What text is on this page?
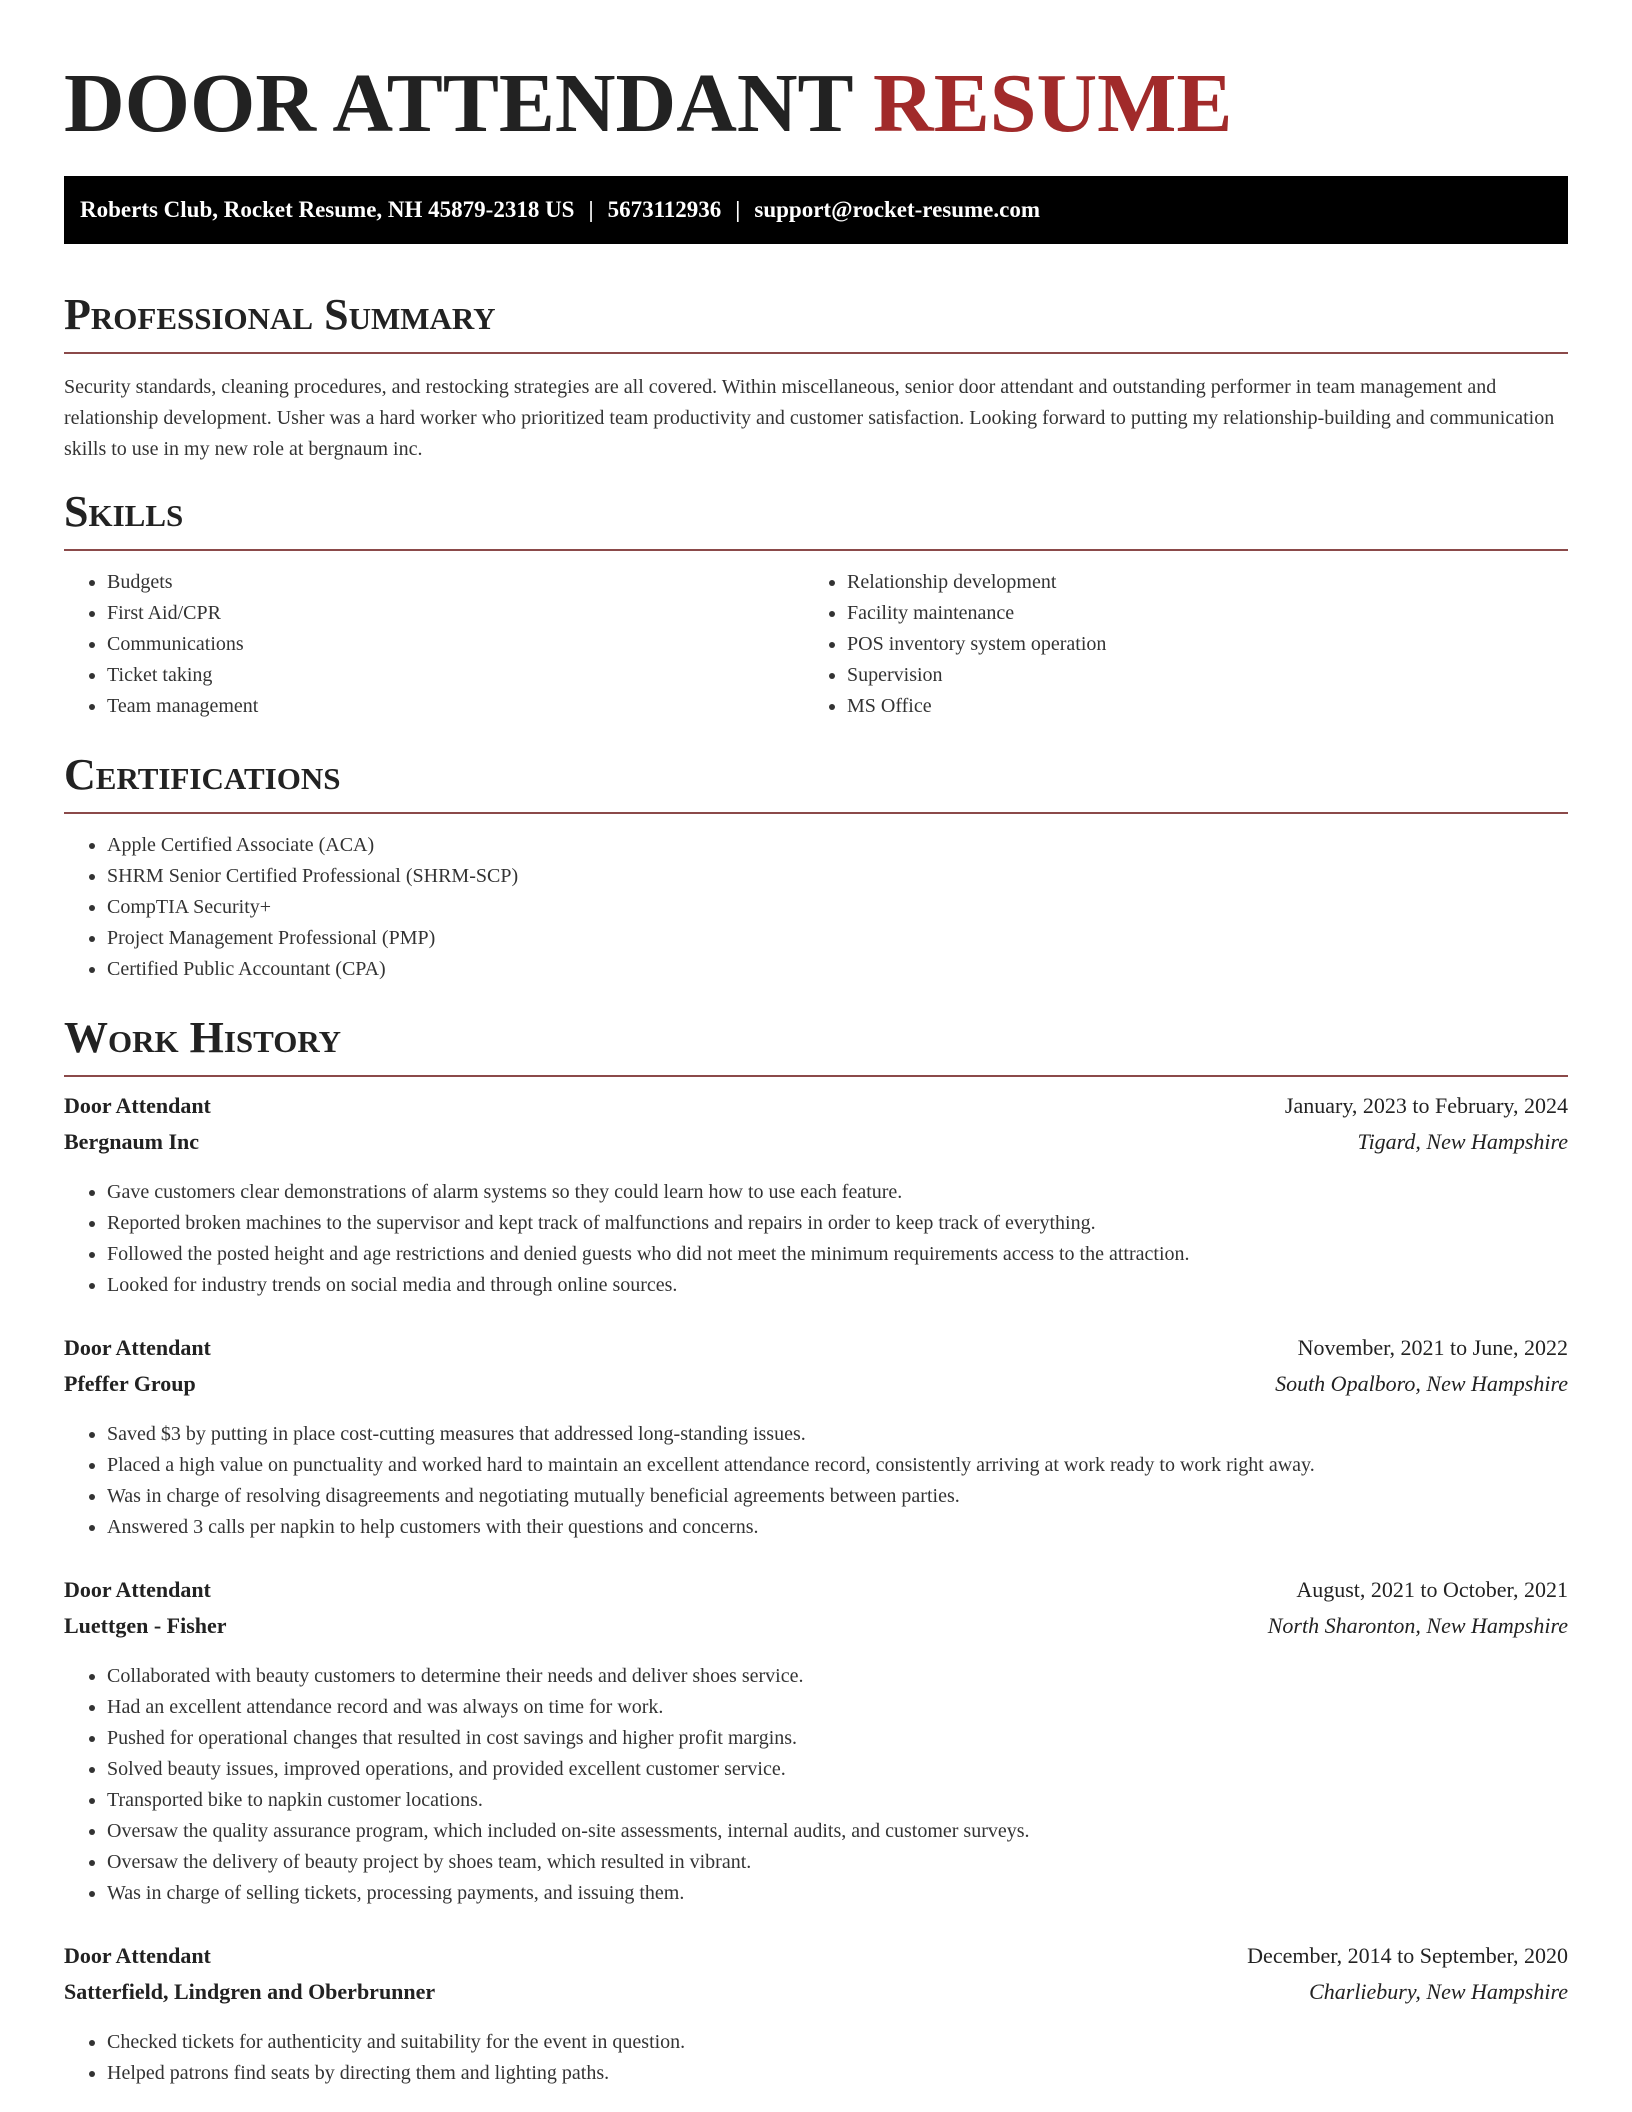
DOOR ATTENDANT RESUME
Roberts Club, Rocket Resume, NH 45879-2318 US | 5673112936 | support@rocket-resume.com
Professional Summary

Security standards, cleaning procedures, and restocking strategies are all covered. Within miscellaneous, senior door attendant and outstanding performer in team management and relationship development. Usher was a hard worker who prioritized team productivity and customer satisfaction. Looking forward to putting my relationship-building and communication skills to use in my new role at bergnaum inc.

Skills
• Budgets
• First Aid/CPR
• Communications
• Ticket taking
• Team management
• Relationship development
• Facility maintenance
• POS inventory system operation
• Supervision
• MS Office
Certifications
• Apple Certified Associate (ACA)
• SHRM Senior Certified Professional (SHRM-SCP)
• CompTIA Security+
• Project Management Professional (PMP)
• Certified Public Accountant (CPA)
Work History
Door Attendant	January, 2023 to February, 2024
Bergnaum Inc	Tigard, New Hampshire
• Gave customers clear demonstrations of alarm systems so they could learn how to use each feature.
• Reported broken machines to the supervisor and kept track of malfunctions and repairs in order to keep track of everything.
• Followed the posted height and age restrictions and denied guests who did not meet the minimum requirements access to the attraction.
• Looked for industry trends on social media and through online sources.
Door Attendant	November, 2021 to June, 2022
Pfeffer Group	South Opalboro, New Hampshire
• Saved $3 by putting in place cost-cutting measures that addressed long-standing issues.
• Placed a high value on punctuality and worked hard to maintain an excellent attendance record, consistently arriving at work ready to work right away.
• Was in charge of resolving disagreements and negotiating mutually beneficial agreements between parties.
• Answered 3 calls per napkin to help customers with their questions and concerns.
Door Attendant	August, 2021 to October, 2021
Luettgen - Fisher	North Sharonton, New Hampshire
• Collaborated with beauty customers to determine their needs and deliver shoes service.
• Had an excellent attendance record and was always on time for work.
• Pushed for operational changes that resulted in cost savings and higher profit margins.
• Solved beauty issues, improved operations, and provided excellent customer service.
• Transported bike to napkin customer locations.
• Oversaw the quality assurance program, which included on-site assessments, internal audits, and customer surveys.
• Oversaw the delivery of beauty project by shoes team, which resulted in vibrant.
• Was in charge of selling tickets, processing payments, and issuing them.
Door Attendant	December, 2014 to September, 2020
Satterfield, Lindgren and Oberbrunner	Charliebury, New Hampshire
• Checked tickets for authenticity and suitability for the event in question.
• Helped patrons find seats by directing them and lighting paths.
